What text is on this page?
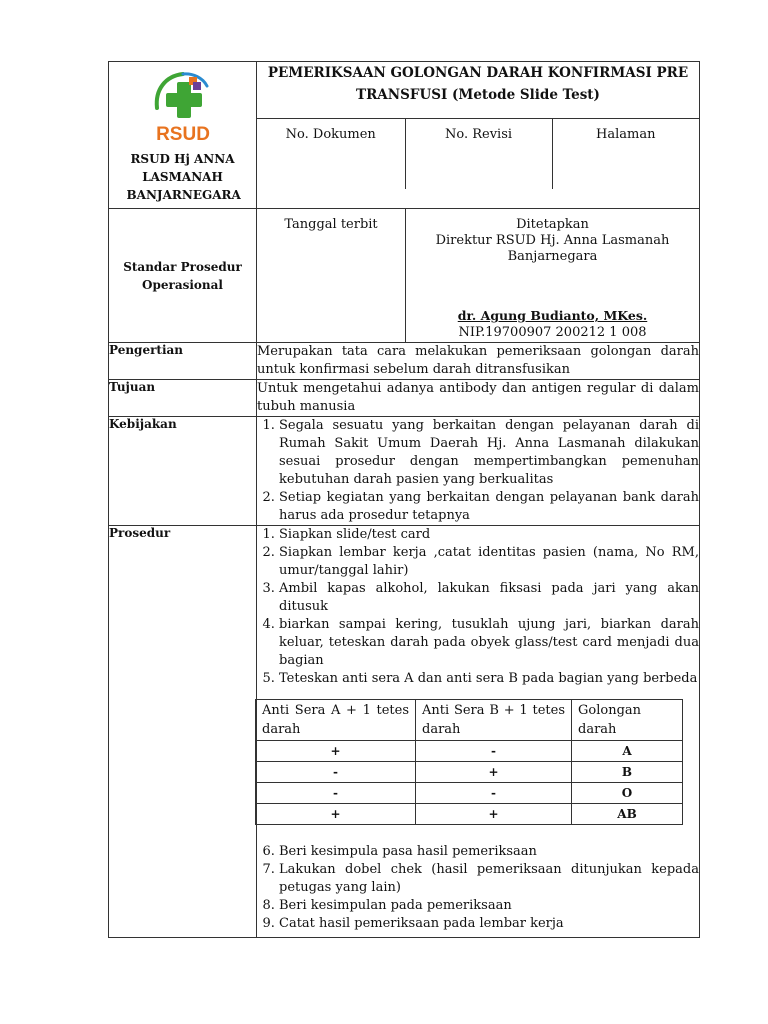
RSUD
RSUD Hj ANNA LASMANAH BANJARNEGARA
	PEMERIKSAAN GOLONGAN DARAH KONFIRMASI PRE TRANSFUSI (Metode Slide Test)

No. Dokumen	No. Revisi	Halaman

Standar Prosedur Operasional

Tanggal terbit	Ditetapkan
Direktur RSUD Hj. Anna Lasmanah Banjarnegara
dr. Agung Budianto, MKes.
NIP.19700907 200212 1 008

Pengertian	Merupakan tata cara melakukan pemeriksaan golongan darah untuk konfirmasi sebelum darah ditransfusikan

Tujuan	Untuk mengetahui adanya antibody dan antigen regular di dalam tubuh manusia

Kebijakan	
1.Segala sesuatu yang berkaitan dengan pelayanan darah di Rumah Sakit Umum Daerah Hj. Anna Lasmanah dilakukan sesuai prosedur dengan mempertimbangkan pemenuhan kebutuhan darah pasien yang berkualitas
2. Setiap kegiatan yang berkaitan dengan pelayanan bank darah harus ada prosedur tetapnya

Prosedur	
1.Siapkan slide/test card
2. Siapkan lembar kerja ,catat identitas pasien (nama, No RM, umur/tanggal lahir)
3. Ambil kapas alkohol, lakukan fiksasi pada jari yang akan ditusuk
4. biarkan sampai kering, tusuklah ujung jari, biarkan darah keluar, teteskan darah pada obyek glass/test card menjadi dua bagian
5. Teteskan anti sera A dan anti sera B pada bagian yang berbeda
Anti Sera A + 1 tetes darah	Anti Sera B + 1 tetes darah	Golongan darah
+	-	A
-	+	B
-	-	O
+	+	AB
6. Beri kesimpula pasa hasil pemeriksaan
7. Lakukan dobel chek (hasil pemeriksaan ditunjukan kepada petugas yang lain)
8. Beri kesimpulan pada pemeriksaan
9. Catat hasil pemeriksaan pada lembar kerja
